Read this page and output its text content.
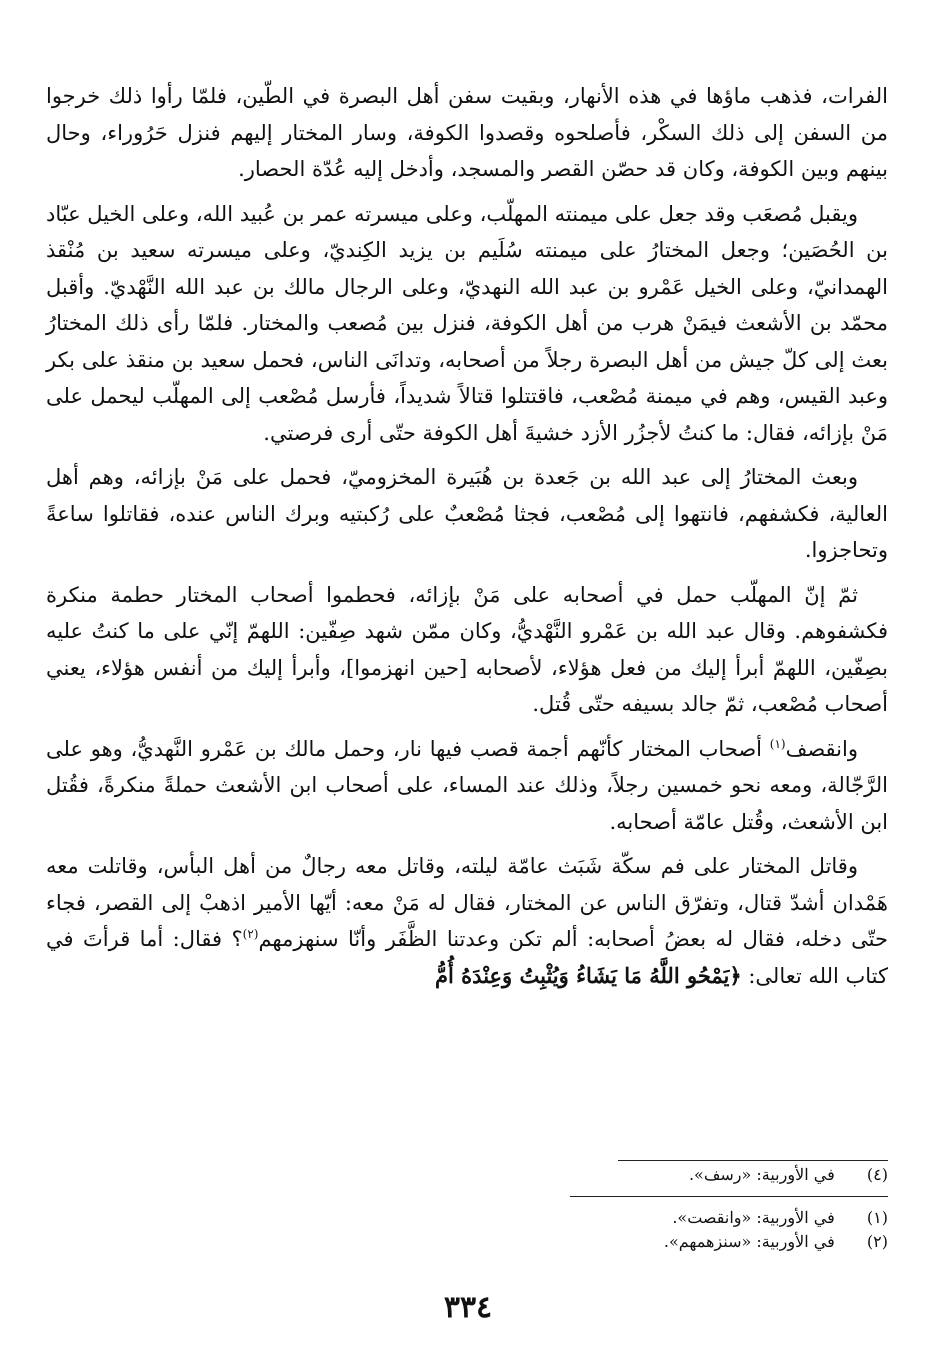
الفرات، فذهب ماؤها في هذه الأنهار، وبقيت سفن أهل البصرة في الطّين، فلمّا رأوا ذلك خرجوا من السفن إلى ذلك السكْر، فأصلحوه وقصدوا الكوفة، وسار المختار إليهم فنزل حَرُوراء، وحال بينهم وبين الكوفة، وكان قد حصّن القصر والمسجد، وأدخل إليه عُدّة الحصار.

ويقبل مُصعَب وقد جعل على ميمنته المهلّب، وعلى ميسرته عمر بن عُبيد الله، وعلى الخيل عبّاد بن الحُصَين؛ وجعل المختارُ على ميمنته سُلَيم بن يزيد الكِنديّ، وعلى ميسرته سعيد بن مُنْقذ الهمدانيّ، وعلى الخيل عَمْرو بن عبد الله النهديّ، وعلى الرجال مالك بن عبد الله النَّهْديّ. وأقبل محمّد بن الأشعث فيمَنْ هرب من أهل الكوفة، فنزل بين مُصعب والمختار. فلمّا رأى ذلك المختارُ بعث إلى كلّ جيش من أهل البصرة رجلاً من أصحابه، وتدانَى الناس، فحمل سعيد بن منقذ على بكر وعبد القيس، وهم في ميمنة مُصْعب، فاقتتلوا قتالاً شديداً، فأرسل مُصْعب إلى المهلّب ليحمل على مَنْ بإزائه، فقال: ما كنتُ لأجزُر الأزد خشيةَ أهل الكوفة حتّى أرى فرصتي.

وبعث المختارُ إلى عبد الله بن جَعدة بن هُبَيرة المخزوميّ، فحمل على مَنْ بإزائه، وهم أهل العالية، فكشفهم، فانتهوا إلى مُصْعب، فجثا مُصْعبٌ على رُكبتيه وبرك الناس عنده، فقاتلوا ساعةً وتحاجزوا.

ثمّ إنّ المهلّب حمل في أصحابه على مَنْ بإزائه، فحطموا أصحاب المختار حطمة منكرة فكشفوهم. وقال عبد الله بن عَمْرو النَّهْديُّ، وكان ممّن شهد صِفّين: اللهمّ إنّي على ما كنتُ عليه بصِفّين، اللهمّ أبرأ إليك من فعل هؤلاء، لأصحابه [حين انهزموا]، وأبرأ إليك من أنفس هؤلاء، يعني أصحاب مُصْعب، ثمّ جالد بسيفه حتّى قُتل.

وانقصف$^{(١)}$ أصحاب المختار كأنّهم أجمة قصب فيها نار، وحمل مالك بن عَمْرو النَّهديُّ، وهو على الرَّجّالة، ومعه نحو خمسين رجلاً، وذلك عند المساء، على أصحاب ابن الأشعث حملةً منكرةً، فقُتل ابن الأشعث، وقُتل عامّة أصحابه.

وقاتل المختار على فم سكّة شَبَث عامّة ليلته، وقاتل معه رجالٌ من أهل البأس، وقاتلت معه هَمْدان أشدّ قتال، وتفرّق الناس عن المختار، فقال له مَنْ معه: أيّها الأمير اذهبْ إلى القصر، فجاء حتّى دخله، فقال له بعضُ أصحابه: ألم تكن وعدتنا الظَّفَر وأنّا سنهزمهم$^{(٢)}$؟ فقال: أما قرأتَ في كتاب الله تعالى: ﴿يَمْحُو اللَّهُ مَا يَشَاءُ وَيُثْبِتُ وَعِنْدَهُ أُمُّ

(٤)   في الأوربية: «رسف».
(١)   في الأوربية: «وانقصت».
(٢)   في الأوربية: «سنزهمهم».
٣٣٤
